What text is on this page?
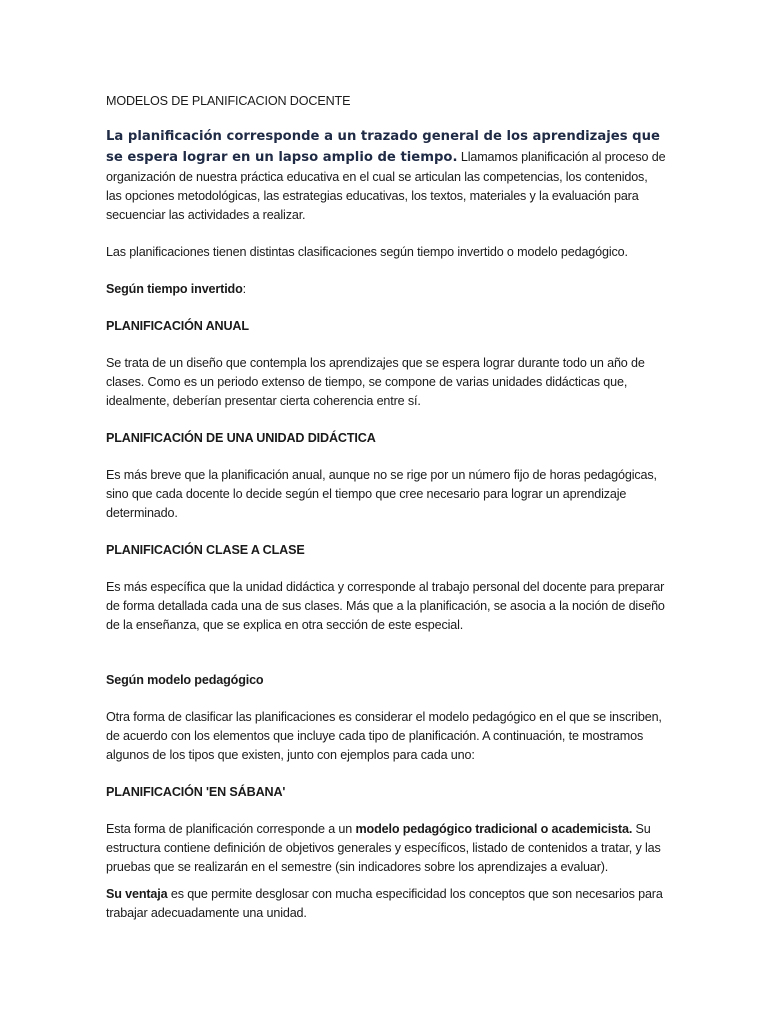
MODELOS DE PLANIFICACION DOCENTE

La planificación corresponde a un trazado general de los aprendizajes que se espera lograr en un lapso amplio de tiempo. Llamamos planificación al proceso de organización de nuestra práctica educativa en el cual se articulan las competencias, los contenidos, las opciones metodológicas, las estrategias educativas, los textos, materiales y la evaluación para secuenciar las actividades a realizar.

Las planificaciones tienen distintas clasificaciones según tiempo invertido o modelo pedagógico.

Según tiempo invertido:

PLANIFICACIÓN ANUAL

Se trata de un diseño que contempla los aprendizajes que se espera lograr durante todo un año de clases. Como es un periodo extenso de tiempo, se compone de varias unidades didácticas que, idealmente, deberían presentar cierta coherencia entre sí.

PLANIFICACIÓN DE UNA UNIDAD DIDÁCTICA

Es más breve que la planificación anual, aunque no se rige por un número fijo de horas pedagógicas, sino que cada docente lo decide según el tiempo que cree necesario para lograr un aprendizaje determinado.

PLANIFICACIÓN CLASE A CLASE

Es más específica que la unidad didáctica y corresponde al trabajo personal del docente para preparar de forma detallada cada una de sus clases. Más que a la planificación, se asocia a la noción de diseño de la enseñanza, que se explica en otra sección de este especial.

Según modelo pedagógico

Otra forma de clasificar las planificaciones es considerar el modelo pedagógico en el que se inscriben, de acuerdo con los elementos que incluye cada tipo de planificación. A continuación, te mostramos algunos de los tipos que existen, junto con ejemplos para cada uno:

PLANIFICACIÓN 'EN SÁBANA'

Esta forma de planificación corresponde a un modelo pedagógico tradicional o academicista. Su estructura contiene definición de objetivos generales y específicos, listado de contenidos a tratar, y las pruebas que se realizarán en el semestre (sin indicadores sobre los aprendizajes a evaluar).

Su ventaja es que permite desglosar con mucha especificidad los conceptos que son necesarios para trabajar adecuadamente una unidad.
